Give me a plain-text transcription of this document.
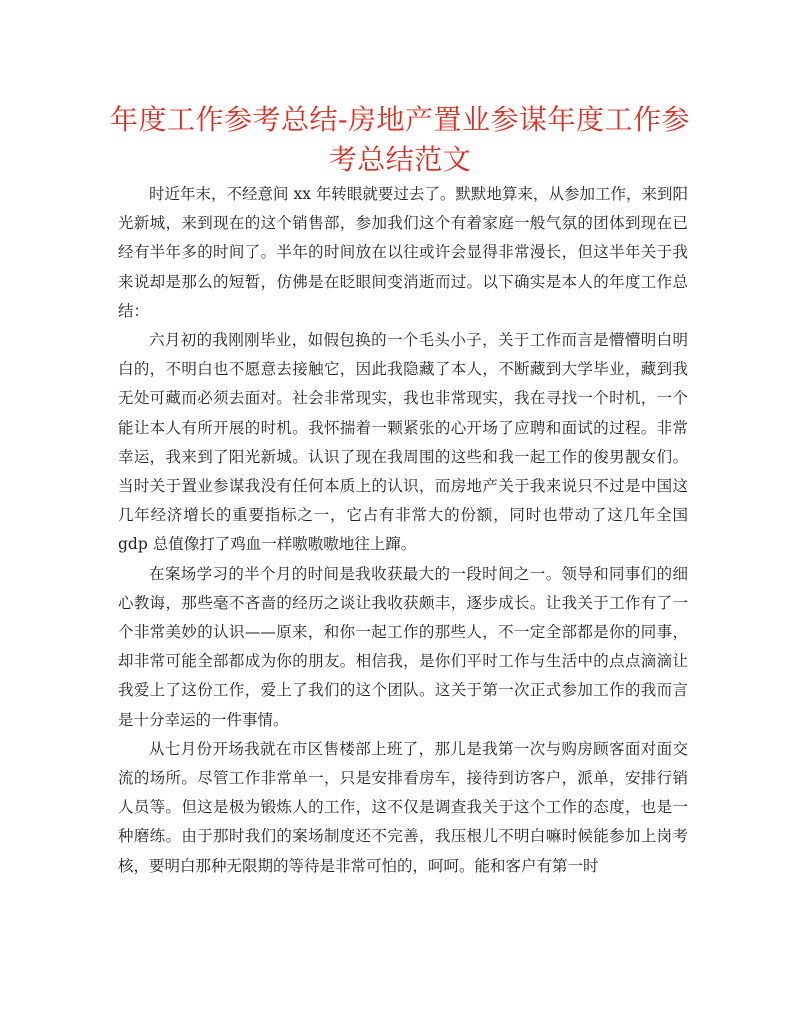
年度工作参考总结-房地产置业参谋年度工作参考总结范文

时近年末，不经意间 xx 年转眼就要过去了。默默地算来，从参加工作，来到阳光新城，来到现在的这个销售部，参加我们这个有着家庭一般气氛的团体到现在已经有半年多的时间了。半年的时间放在以往或许会显得非常漫长，但这半年关于我来说却是那么的短暂，仿佛是在眨眼间变消逝而过。以下确实是本人的年度工作总结：

六月初的我刚刚毕业，如假包换的一个毛头小子，关于工作而言是懵懵明白明白的，不明白也不愿意去接触它，因此我隐藏了本人，不断藏到大学毕业，藏到我无处可藏而必须去面对。社会非常现实，我也非常现实，我在寻找一个时机，一个能让本人有所开展的时机。我怀揣着一颗紧张的心开场了应聘和面试的过程。非常幸运，我来到了阳光新城。认识了现在我周围的这些和我一起工作的俊男靓女们。当时关于置业参谋我没有任何本质上的认识，而房地产关于我来说只不过是中国这几年经济增长的重要指标之一，它占有非常大的份额，同时也带动了这几年全国 gdp 总值像打了鸡血一样嗷嗷嗷地往上蹿。

在案场学习的半个月的时间是我收获最大的一段时间之一。领导和同事们的细心教诲，那些毫不吝啬的经历之谈让我收获颇丰，逐步成长。让我关于工作有了一个非常美妙的认识——原来，和你一起工作的那些人，不一定全部都是你的同事，却非常可能全部都成为你的朋友。相信我，是你们平时工作与生活中的点点滴滴让我爱上了这份工作，爱上了我们的这个团队。这关于第一次正式参加工作的我而言是十分幸运的一件事情。

从七月份开场我就在市区售楼部上班了，那儿是我第一次与购房顾客面对面交流的场所。尽管工作非常单一，只是安排看房车，接待到访客户，派单，安排行销人员等。但这是极为锻炼人的工作，这不仅是调查我关于这个工作的态度，也是一种磨练。由于那时我们的案场制度还不完善，我压根儿不明白嘛时候能参加上岗考核，要明白那种无限期的等待是非常可怕的，呵呵。能和客户有第一时
